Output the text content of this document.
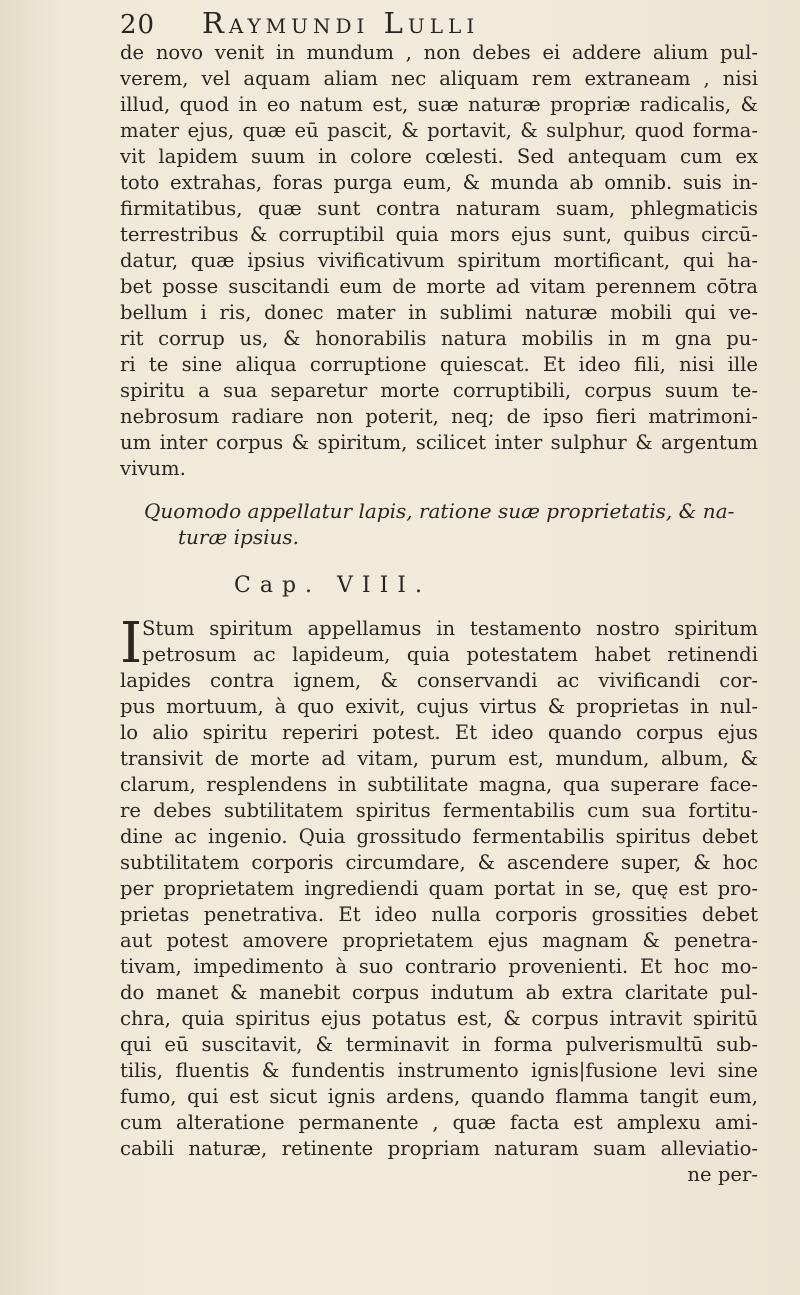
20 Raymundi Lulli
de novo venit in mundum , non debes ei addere alium pul-
verem, vel aquam aliam nec aliquam rem extraneam , nisi
illud, quod in eo natum est, suæ naturæ propriæ radicalis, &
mater ejus, quæ eū pascit, & portavit, & sulphur, quod forma-
vit lapidem suum in colore cœlesti. Sed antequam cum ex
toto extrahas, foras purga eum, & munda ab omnib. suis in-
firmitatibus, quæ sunt contra naturam suam, phlegmaticis
terrestribus & corruptibil quia mors ejus sunt, quibus circū-
datur, quæ ipsius vivificativum spiritum mortificant, qui ha-
bet posse suscitandi eum de morte ad vitam perennem cōtra
bellum i ris, donec mater in sublimi naturæ mobili qui ve-
rit corrup us, & honorabilis natura mobilis in m gna pu-
ri te sine aliqua corruptione quiescat. Et ideo fili, nisi ille
spiritu a sua separetur morte corruptibili, corpus suum te-
nebrosum radiare non poterit, neq; de ipso fieri matrimoni-
um inter corpus & spiritum, scilicet inter sulphur & argentum
vivum.
Quomodo appellatur lapis, ratione suæ proprietatis, & na-
turæ ipsius.
Cap. VIII.
I Stum spiritum appellamus in testamento nostro spiritum
petrosum ac lapideum, quia potestatem habet retinendi
lapides contra ignem, & conservandi ac vivificandi cor-
pus mortuum, à quo exivit, cujus virtus & proprietas in nul-
lo alio spiritu reperiri potest. Et ideo quando corpus ejus
transivit de morte ad vitam, purum est, mundum, album, &
clarum, resplendens in subtilitate magna, qua superare face-
re debes subtilitatem spiritus fermentabilis cum sua fortitu-
dine ac ingenio. Quia grossitudo fermentabilis spiritus debet
subtilitatem corporis circumdare, & ascendere super, & hoc
per proprietatem ingrediendi quam portat in se, quę est pro-
prietas penetrativa. Et ideo nulla corporis grossities debet
aut potest amovere proprietatem ejus magnam & penetra-
tivam, impedimento à suo contrario provenienti. Et hoc mo-
do manet & manebit corpus indutum ab extra claritate pul-
chra, quia spiritus ejus potatus est, & corpus intravit spiritū
qui eū suscitavit, & terminavit in forma pulverismultū sub-
tilis, fluentis & fundentis instrumento ignis|fusione levi sine
fumo, qui est sicut ignis ardens, quando flamma tangit eum,
cum alteratione permanente , quæ facta est amplexu ami-
cabili naturæ, retinente propriam naturam suam alleviatio-
ne per-
